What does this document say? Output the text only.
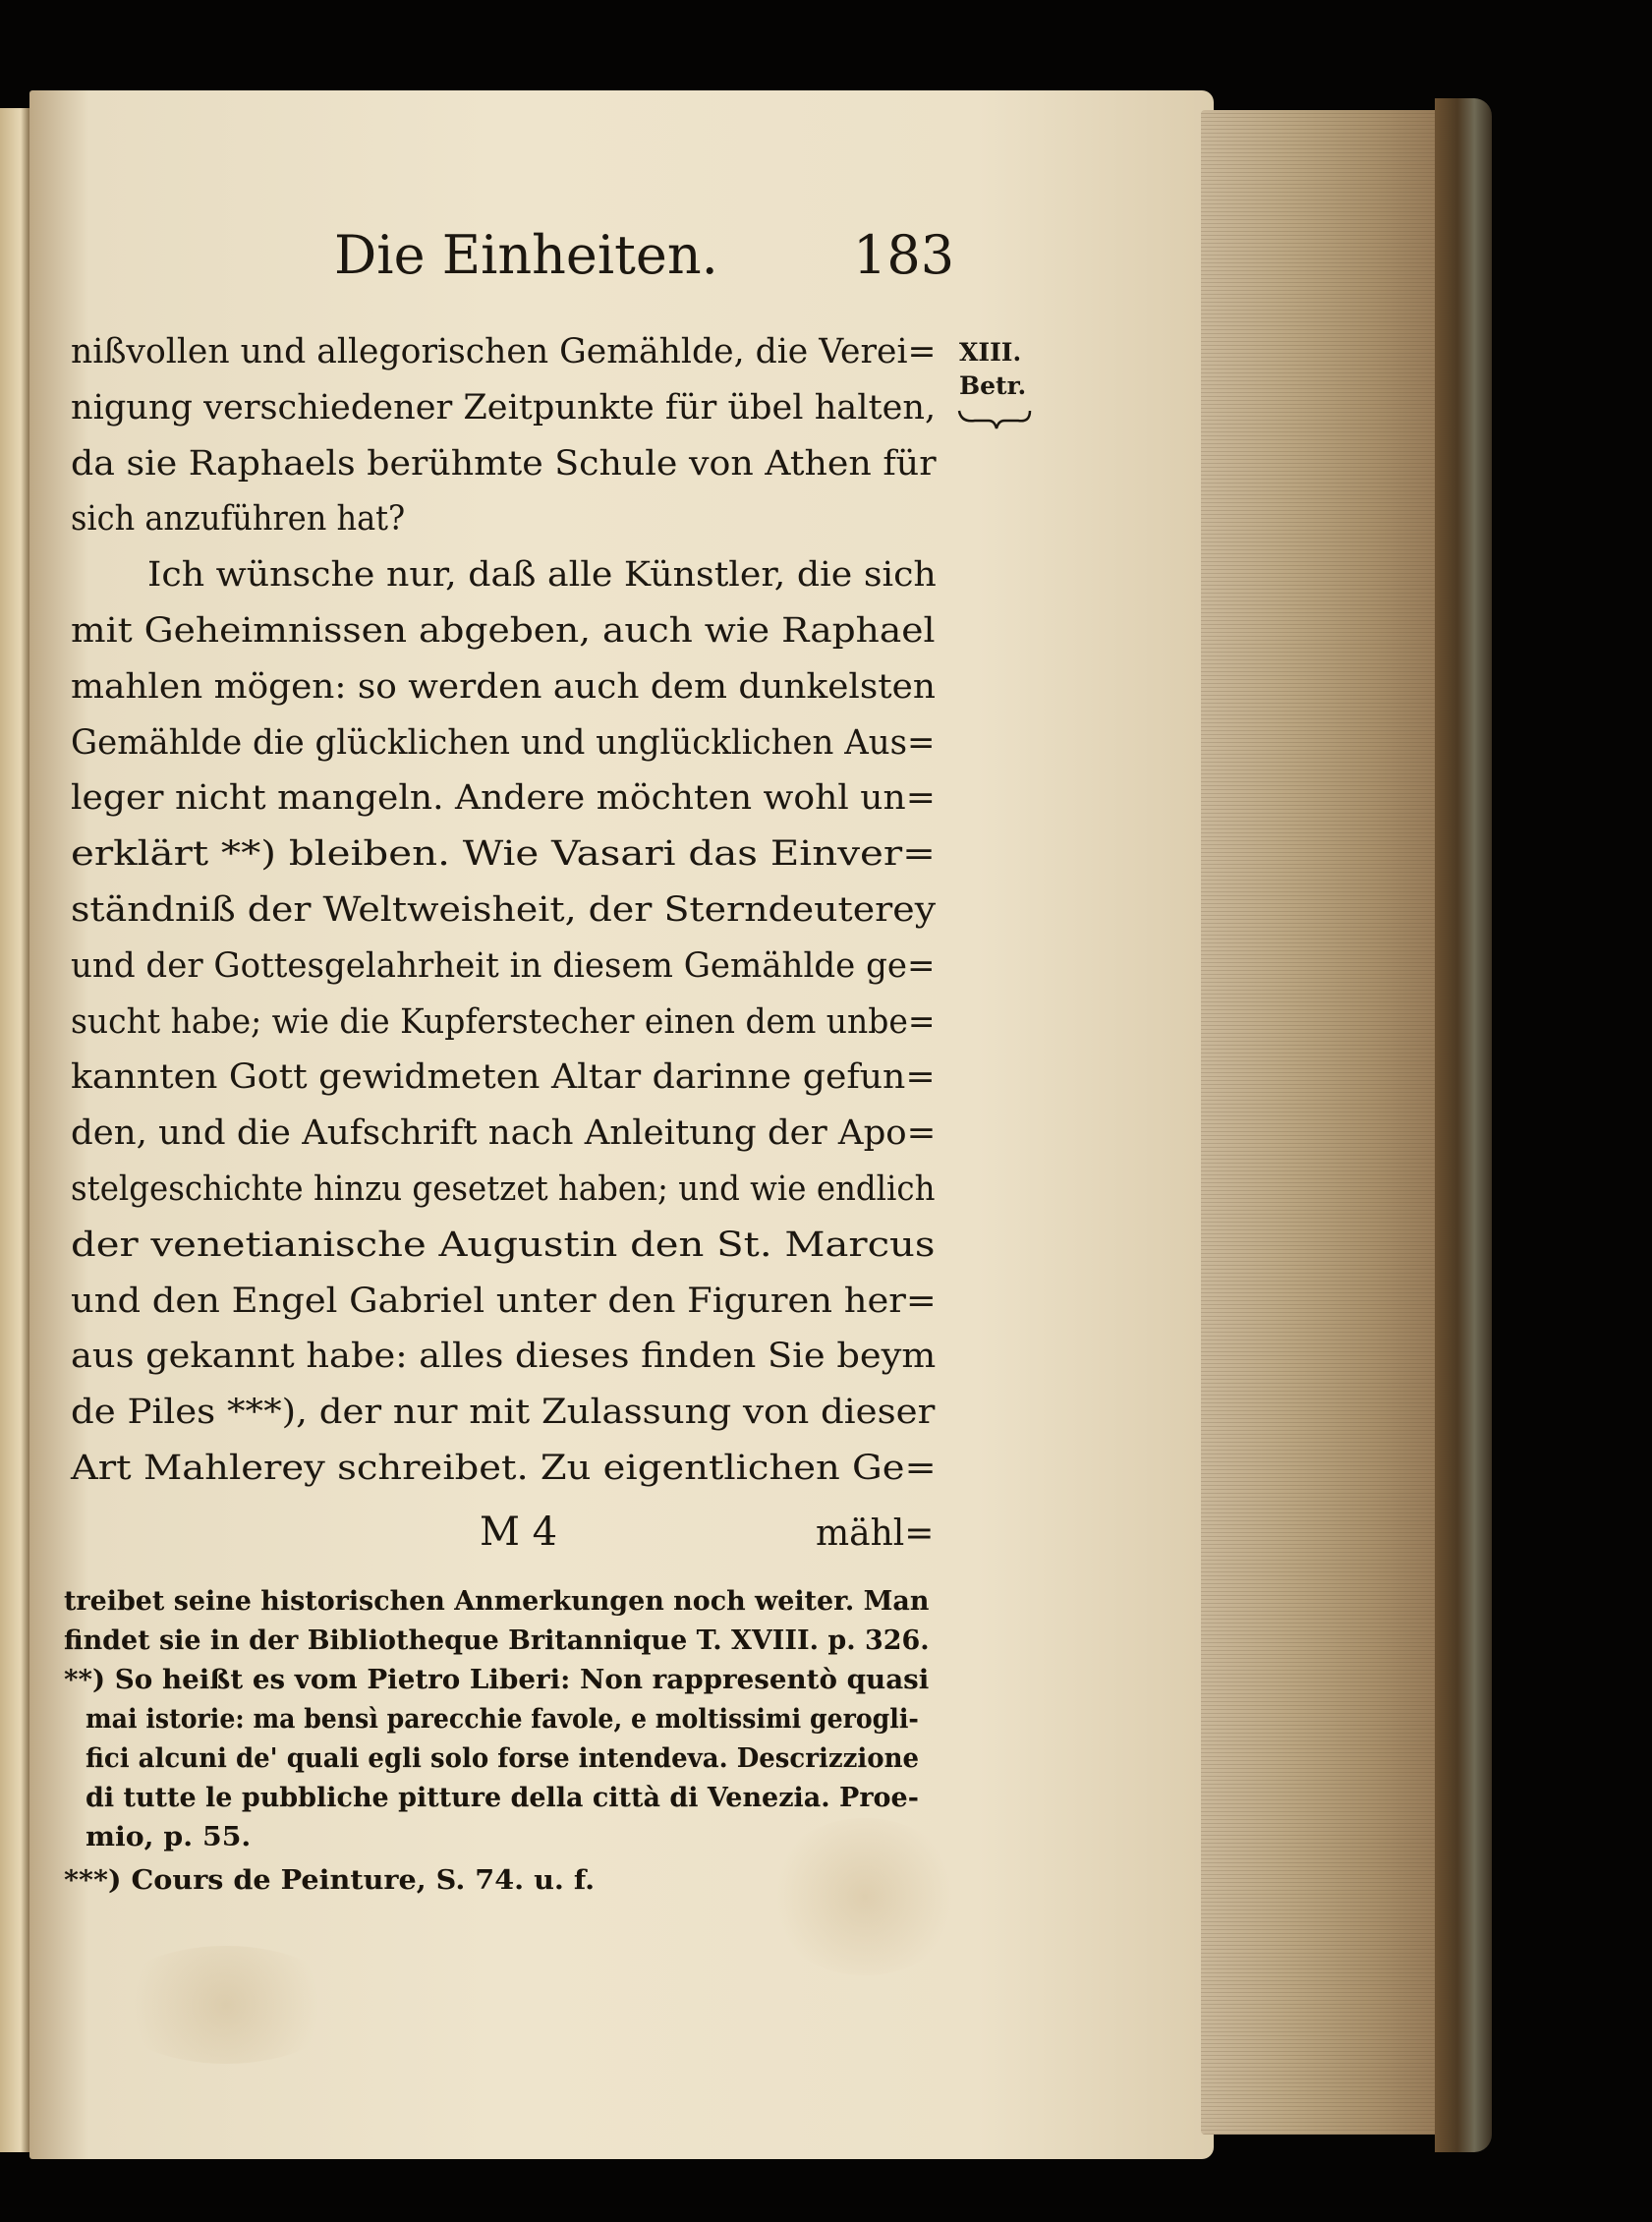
Die Einheiten.	183
XIII.
Betr.
nißvollen und allegorischen Gemählde, die Verei=
nigung verschiedener Zeitpunkte für übel halten,
da sie Raphaels berühmte Schule von Athen für
sich anzuführen hat?
Ich wünsche nur, daß alle Künstler, die sich
mit Geheimnissen abgeben, auch wie Raphael
mahlen mögen: so werden auch dem dunkelsten
Gemählde die glücklichen und unglücklichen Aus=
leger nicht mangeln. Andere möchten wohl un=
erklärt **) bleiben. Wie Vasari das Einver=
ständniß der Weltweisheit, der Sterndeuterey
und der Gottesgelahrheit in diesem Gemählde ge=
sucht habe; wie die Kupferstecher einen dem unbe=
kannten Gott gewidmeten Altar darinne gefun=
den, und die Aufschrift nach Anleitung der Apo=
stelgeschichte hinzu gesetzet haben; und wie endlich
der venetianische Augustin den St. Marcus
und den Engel Gabriel unter den Figuren her=
aus gekannt habe: alles dieses finden Sie beym
de Piles ***), der nur mit Zulassung von dieser
Art Mahlerey schreibet. Zu eigentlichen Ge=
M 4	mähl=
treibet seine historischen Anmerkungen noch weiter. Man
findet sie in der Bibliotheque Britannique T. XVIII. p. 326.
**) So heißt es vom Pietro Liberi: Non rappresentò quasi
mai istorie: ma bensì parecchie favole, e moltissimi gerogli-
fici alcuni de' quali egli solo forse intendeva. Descrizzione
di tutte le pubbliche pitture della città di Venezia. Proe-
mio, p. 55.
***) Cours de Peinture, S. 74. u. f.
